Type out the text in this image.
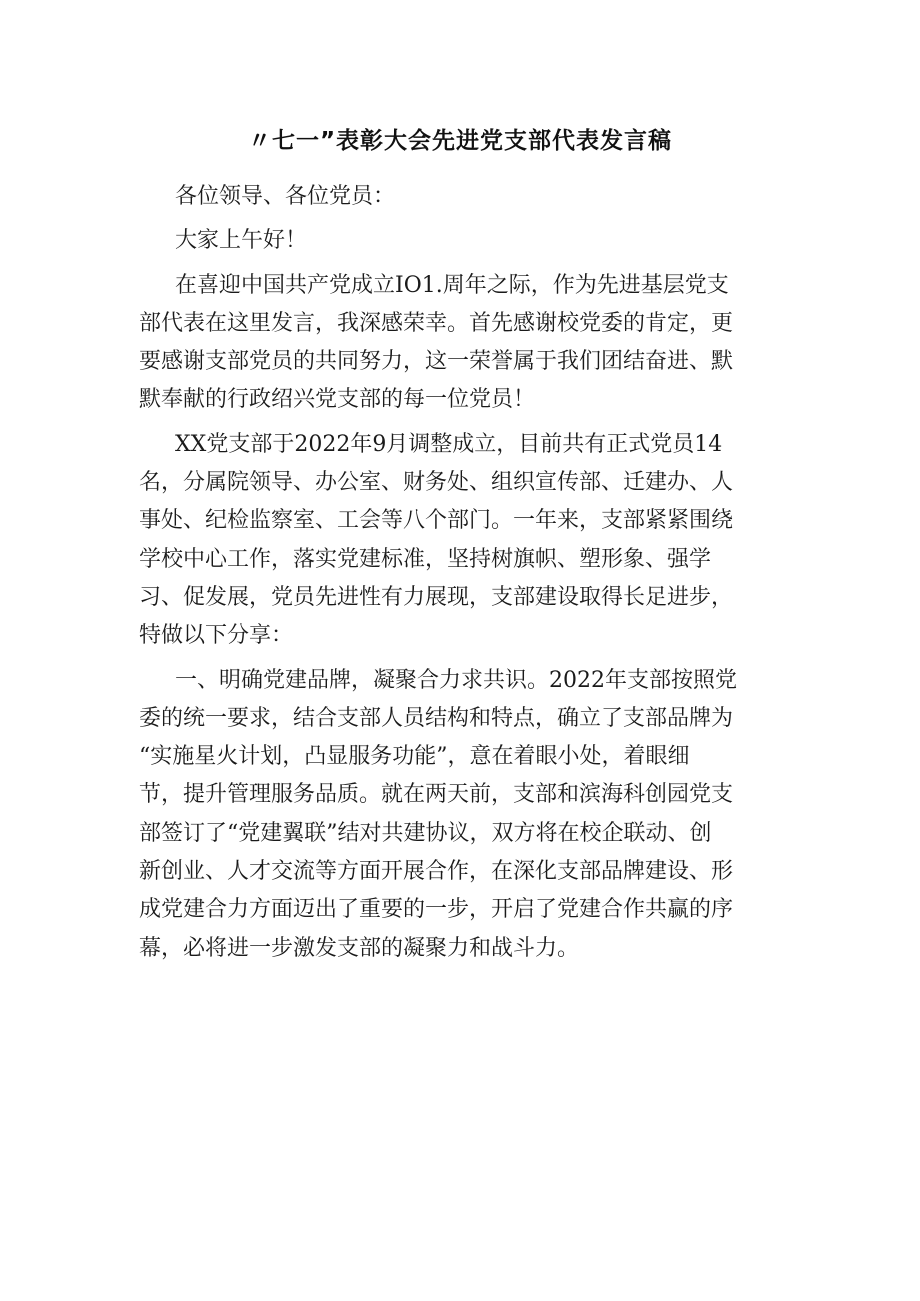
〃七一”表彰大会先进党支部代表发言稿
各位领导、各位党员：
大家上午好！
在喜迎中国共产党成立IO1.周年之际，作为先进基层党支
部代表在这里发言，我深感荣幸。首先感谢校党委的肯定，更
要感谢支部党员的共同努力，这一荣誉属于我们团结奋进、默
默奉献的行政绍兴党支部的每一位党员！
XX党支部于2022年9月调整成立，目前共有正式党员14
名，分属院领导、办公室、财务处、组织宣传部、迁建办、人
事处、纪检监察室、工会等八个部门。一年来，支部紧紧围绕
学校中心工作，落实党建标准，坚持树旗帜、塑形象、强学
习、促发展，党员先进性有力展现，支部建设取得长足进步，
特做以下分享：
一、明确党建品牌，凝聚合力求共识。2022年支部按照党
委的统一要求，结合支部人员结构和特点，确立了支部品牌为
“实施星火计划，凸显服务功能”，意在着眼小处，着眼细
节，提升管理服务品质。就在两天前，支部和滨海科创园党支
部签订了“党建翼联”结对共建协议，双方将在校企联动、创
新创业、人才交流等方面开展合作，在深化支部品牌建设、形
成党建合力方面迈出了重要的一步，开启了党建合作共赢的序
幕，必将进一步激发支部的凝聚力和战斗力。
